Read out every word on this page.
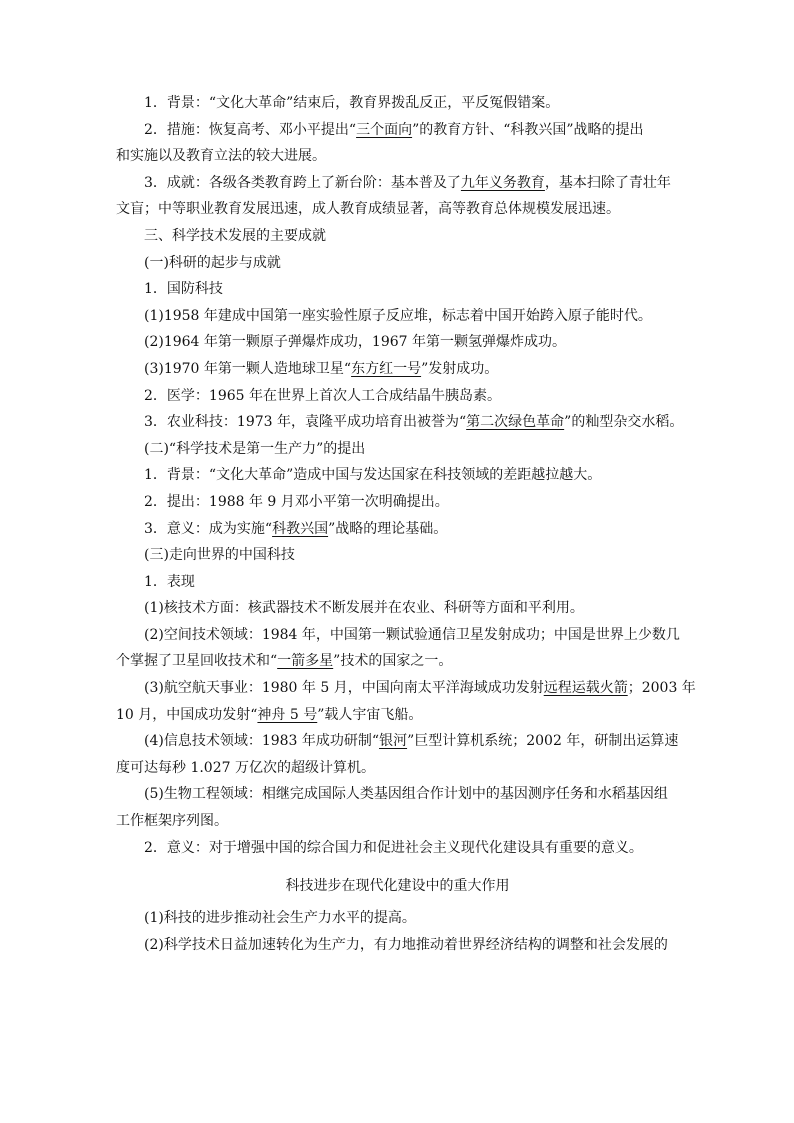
1．背景：“文化大革命”结束后，教育界拨乱反正，平反冤假错案。
2．措施：恢复高考、邓小平提出“三个面向”的教育方针、“科教兴国”战略的提出
和实施以及教育立法的较大进展。
3．成就：各级各类教育跨上了新台阶：基本普及了九年义务教育，基本扫除了青壮年
文盲；中等职业教育发展迅速，成人教育成绩显著，高等教育总体规模发展迅速。
三、科学技术发展的主要成就
(一)科研的起步与成就
1．国防科技
(1)1958 年建成中国第一座实验性原子反应堆，标志着中国开始跨入原子能时代。
(2)1964 年第一颗原子弹爆炸成功，1967 年第一颗氢弹爆炸成功。
(3)1970 年第一颗人造地球卫星“东方红一号”发射成功。
2．医学：1965 年在世界上首次人工合成结晶牛胰岛素。
3．农业科技：1973 年，袁隆平成功培育出被誉为“第二次绿色革命”的籼型杂交水稻。
(二)“科学技术是第一生产力”的提出
1．背景：“文化大革命”造成中国与发达国家在科技领域的差距越拉越大。
2．提出：1988 年 9 月邓小平第一次明确提出。
3．意义：成为实施“科教兴国”战略的理论基础。
(三)走向世界的中国科技
1．表现
(1)核技术方面：核武器技术不断发展并在农业、科研等方面和平利用。
(2)空间技术领域：1984 年，中国第一颗试验通信卫星发射成功；中国是世界上少数几
个掌握了卫星回收技术和“一箭多星”技术的国家之一。
(3)航空航天事业：1980 年 5 月，中国向南太平洋海域成功发射远程运载火箭；2003 年
10 月，中国成功发射“神舟 5 号”载人宇宙飞船。
(4)信息技术领域：1983 年成功研制“银河”巨型计算机系统；2002 年，研制出运算速
度可达每秒 1.027 万亿次的超级计算机。
(5)生物工程领域：相继完成国际人类基因组合作计划中的基因测序任务和水稻基因组
工作框架序列图。
2．意义：对于增强中国的综合国力和促进社会主义现代化建设具有重要的意义。
科技进步在现代化建设中的重大作用
(1)科技的进步推动社会生产力水平的提高。
(2)科学技术日益加速转化为生产力，有力地推动着世界经济结构的调整和社会发展的
